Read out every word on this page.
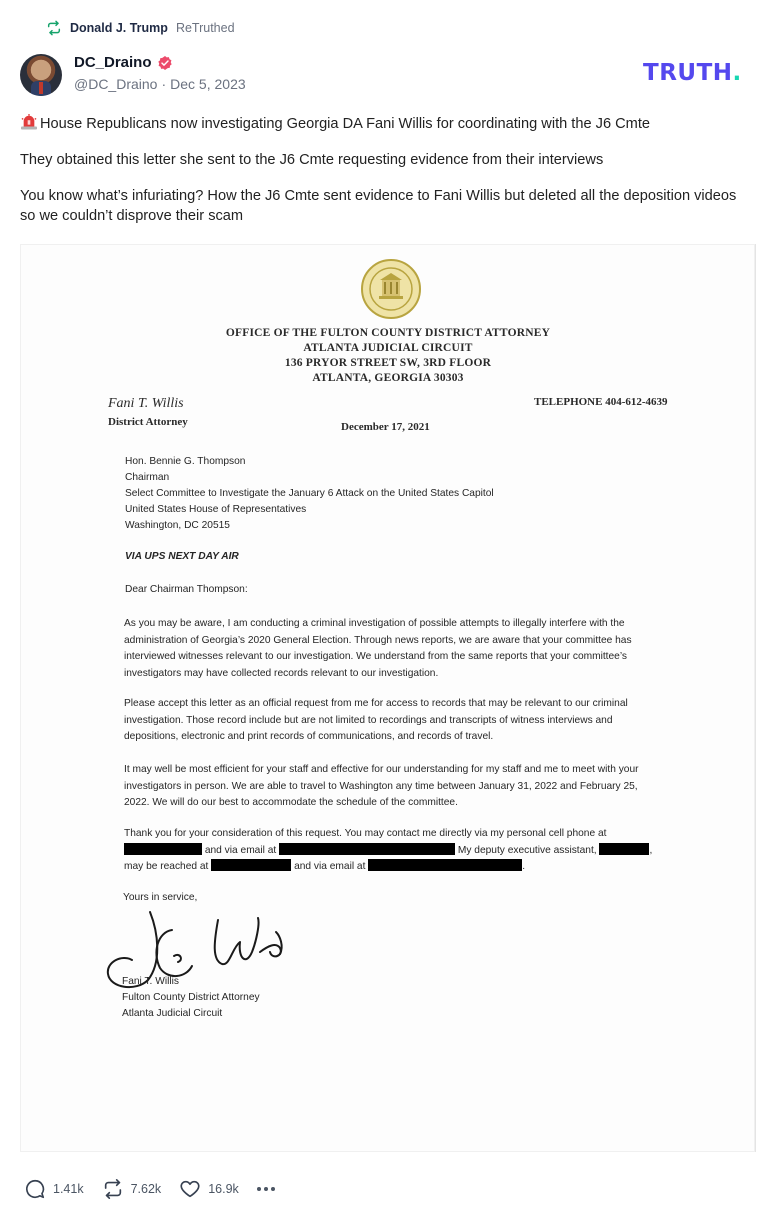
Donald J. Trump ReTruthed
DC_Draino
@DC_Draino · Dec 5, 2023	TRUTH.

House Republicans now investigating Georgia DA Fani Willis for coordinating with the J6 Cmte

They obtained this letter she sent to the J6 Cmte requesting evidence from their interviews

You know what’s infuriating? How the J6 Cmte sent evidence to Fani Willis but deleted all the deposition videos so we couldn’t disprove their scam

OFFICE OF THE FULTON COUNTY DISTRICT ATTORNEY
ATLANTA JUDICIAL CIRCUIT
136 PRYOR STREET SW, 3RD FLOOR
ATLANTA, GEORGIA 30303
Fani T. Willis
District Attorney
TELEPHONE 404-612-4639
December 17, 2021
Hon. Bennie G. Thompson
Chairman
Select Committee to Investigate the January 6 Attack on the United States Capitol
United States House of Representatives
Washington, DC 20515
VIA UPS NEXT DAY AIR
Dear Chairman Thompson:
As you may be aware, I am conducting a criminal investigation of possible attempts to illegally interfere with the administration of Georgia’s 2020 General Election. Through news reports, we are aware that your committee has interviewed witnesses relevant to our investigation. We understand from the same reports that your committee’s investigators may have collected records relevant to our investigation.
Please accept this letter as an official request from me for access to records that may be relevant to our criminal investigation. Those record include but are not limited to recordings and transcripts of witness interviews and depositions, electronic and print records of communications, and records of travel.
It may well be most efficient for your staff and effective for our understanding for my staff and me to meet with your investigators in person. We are able to travel to Washington any time between January 31, 2022 and February 25, 2022. We will do our best to accommodate the schedule of the committee.
Thank you for your consideration of this request. You may contact me directly via my personal cell phone at  and via email at	My deputy executive assistant,	, may be reached at	and via email at	.
Yours in service,
Fani T. Willis
Fulton County District Attorney
Atlanta Judicial Circuit
1.41k	7.62k	16.9k
